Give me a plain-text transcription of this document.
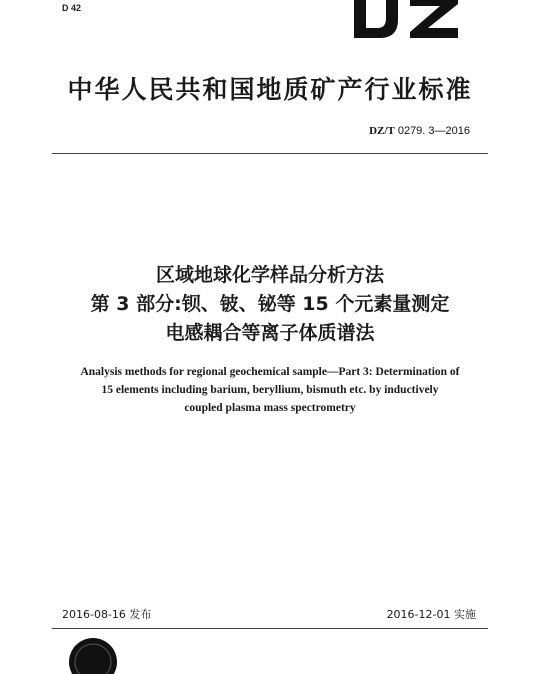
D 42
中华人民共和国地质矿产行业标准
DZ/T 0279. 3—2016
区域地球化学样品分析方法
第 3 部分:钡、铍、铋等 15 个元素量测定
电感耦合等离子体质谱法
Analysis methods for regional geochemical sample—Part 3: Determination of
15 elements including barium, beryllium, bismuth etc. by inductively
coupled plasma mass spectrometry
2016-08-16 发布	2016-12-01 实施
